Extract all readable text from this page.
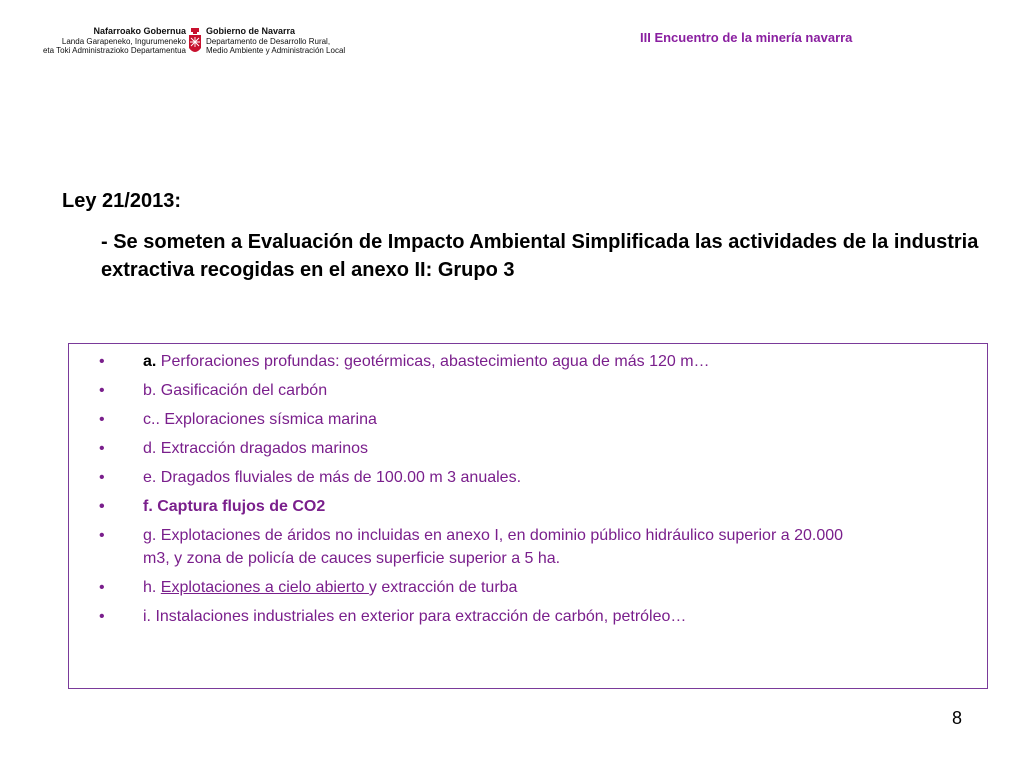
Nafarroako Gobernua
Landa Garapeneko, Ingurumeneko
eta Toki Administrazioko Departamentua
Gobierno de Navarra
Departamento de Desarrollo Rural,
Medio Ambiente y Administración Local
III Encuentro de la minería navarra
Ley 21/2013:
- Se someten a Evaluación de Impacto Ambiental Simplificada las actividades de la industria extractiva recogidas en el anexo II: Grupo 3
• a. Perforaciones profundas: geotérmicas, abastecimiento agua de más 120 m…
• b. Gasificación del carbón
• c.. Exploraciones sísmica marina
• d. Extracción dragados marinos
• e. Dragados fluviales de más de 100.00 m 3 anuales.
• f. Captura flujos de CO2
• g. Explotaciones de áridos no incluidas en anexo I, en dominio público hidráulico superior a 20.000 m3, y zona de policía de cauces superficie superior a 5 ha.
• h. Explotaciones a cielo abierto y extracción de turba
• i. Instalaciones industriales en exterior para extracción de carbón, petróleo…
8
